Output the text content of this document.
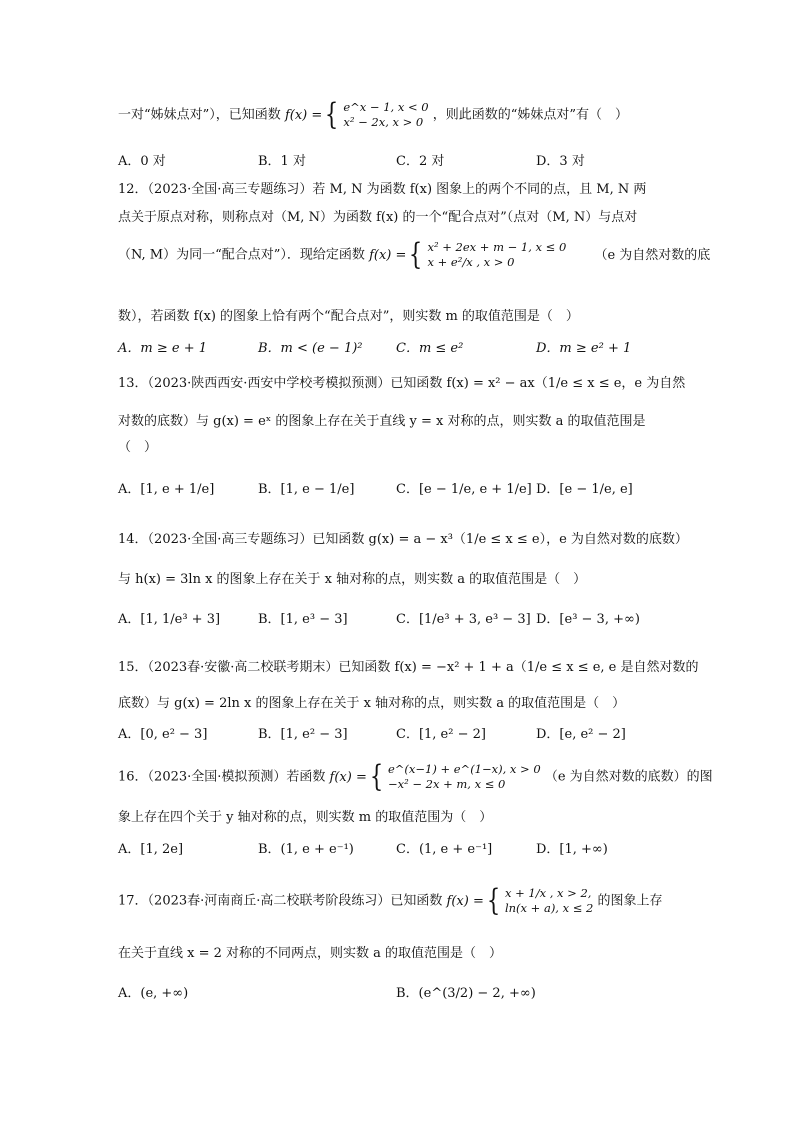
一对“姊妹点对”），已知函数 f(x) = { e^x − 1, x < 0
x² − 2x, x > 0 ，则此函数的“姊妹点对”有（　）
A．0 对	B．1 对	C．2 对	D．3 对
12．（2023·全国·高三专题练习）若 M, N 为函数 f(x) 图象上的两个不同的点，且 M, N 两
点关于原点对称，则称点对（M, N）为函数 f(x) 的一个“配合点对”（点对（M, N）与点对
（N, M）为同一“配合点对”）．现给定函数 f(x) = { x² + 2ex + m − 1, x ≤ 0
x + e²/x , x > 0	（e 为自然对数的底
数），若函数 f(x) 的图象上恰有两个“配合点对”，则实数 m 的取值范围是（　）
A．m ≥ e + 1	B．m < (e − 1)²	C．m ≤ e²	D．m ≥ e² + 1
13．（2023·陕西西安·西安中学校考模拟预测）已知函数 f(x) = x² − ax（1/e ≤ x ≤ e，e 为自然
对数的底数）与 g(x) = eˣ 的图象上存在关于直线 y = x 对称的点，则实数 a 的取值范围是
（　）
A．[1, e + 1/e]	B．[1, e − 1/e]	C．[e − 1/e, e + 1/e] D．[e − 1/e, e]
14．（2023·全国·高三专题练习）已知函数 g(x) = a − x³（1/e ≤ x ≤ e），e 为自然对数的底数）
与 h(x) = 3ln x 的图象上存在关于 x 轴对称的点，则实数 a 的取值范围是（　）
A．[1, 1/e³ + 3]	B．[1, e³ − 3]	C．[1/e³ + 3, e³ − 3] D．[e³ − 3, +∞)
15．（2023春·安徽·高二校联考期末）已知函数 f(x) = −x² + 1 + a（1/e ≤ x ≤ e, e 是自然对数的
底数）与 g(x) = 2ln x 的图象上存在关于 x 轴对称的点，则实数 a 的取值范围是（　）
A．[0, e² − 3]	B．[1, e² − 3]	C．[1, e² − 2]	D．[e, e² − 2]
16．（2023·全国·模拟预测）若函数 f(x) = { e^(x−1) + e^(1−x), x > 0
−x² − 2x + m, x ≤ 0	（e 为自然对数的底数）的图
象上存在四个关于 y 轴对称的点，则实数 m 的取值范围为（　）
A．[1, 2e]	B．(1, e + e⁻¹)	C．(1, e + e⁻¹]	D．[1, +∞)
17．（2023春·河南商丘·高二校联考阶段练习）已知函数 f(x) = { x + 1/x , x > 2,
ln(x + a), x ≤ 2 的图象上存
在关于直线 x = 2 对称的不同两点，则实数 a 的取值范围是（　）
A．(e, +∞)	B．(e^(3/2) − 2, +∞)
